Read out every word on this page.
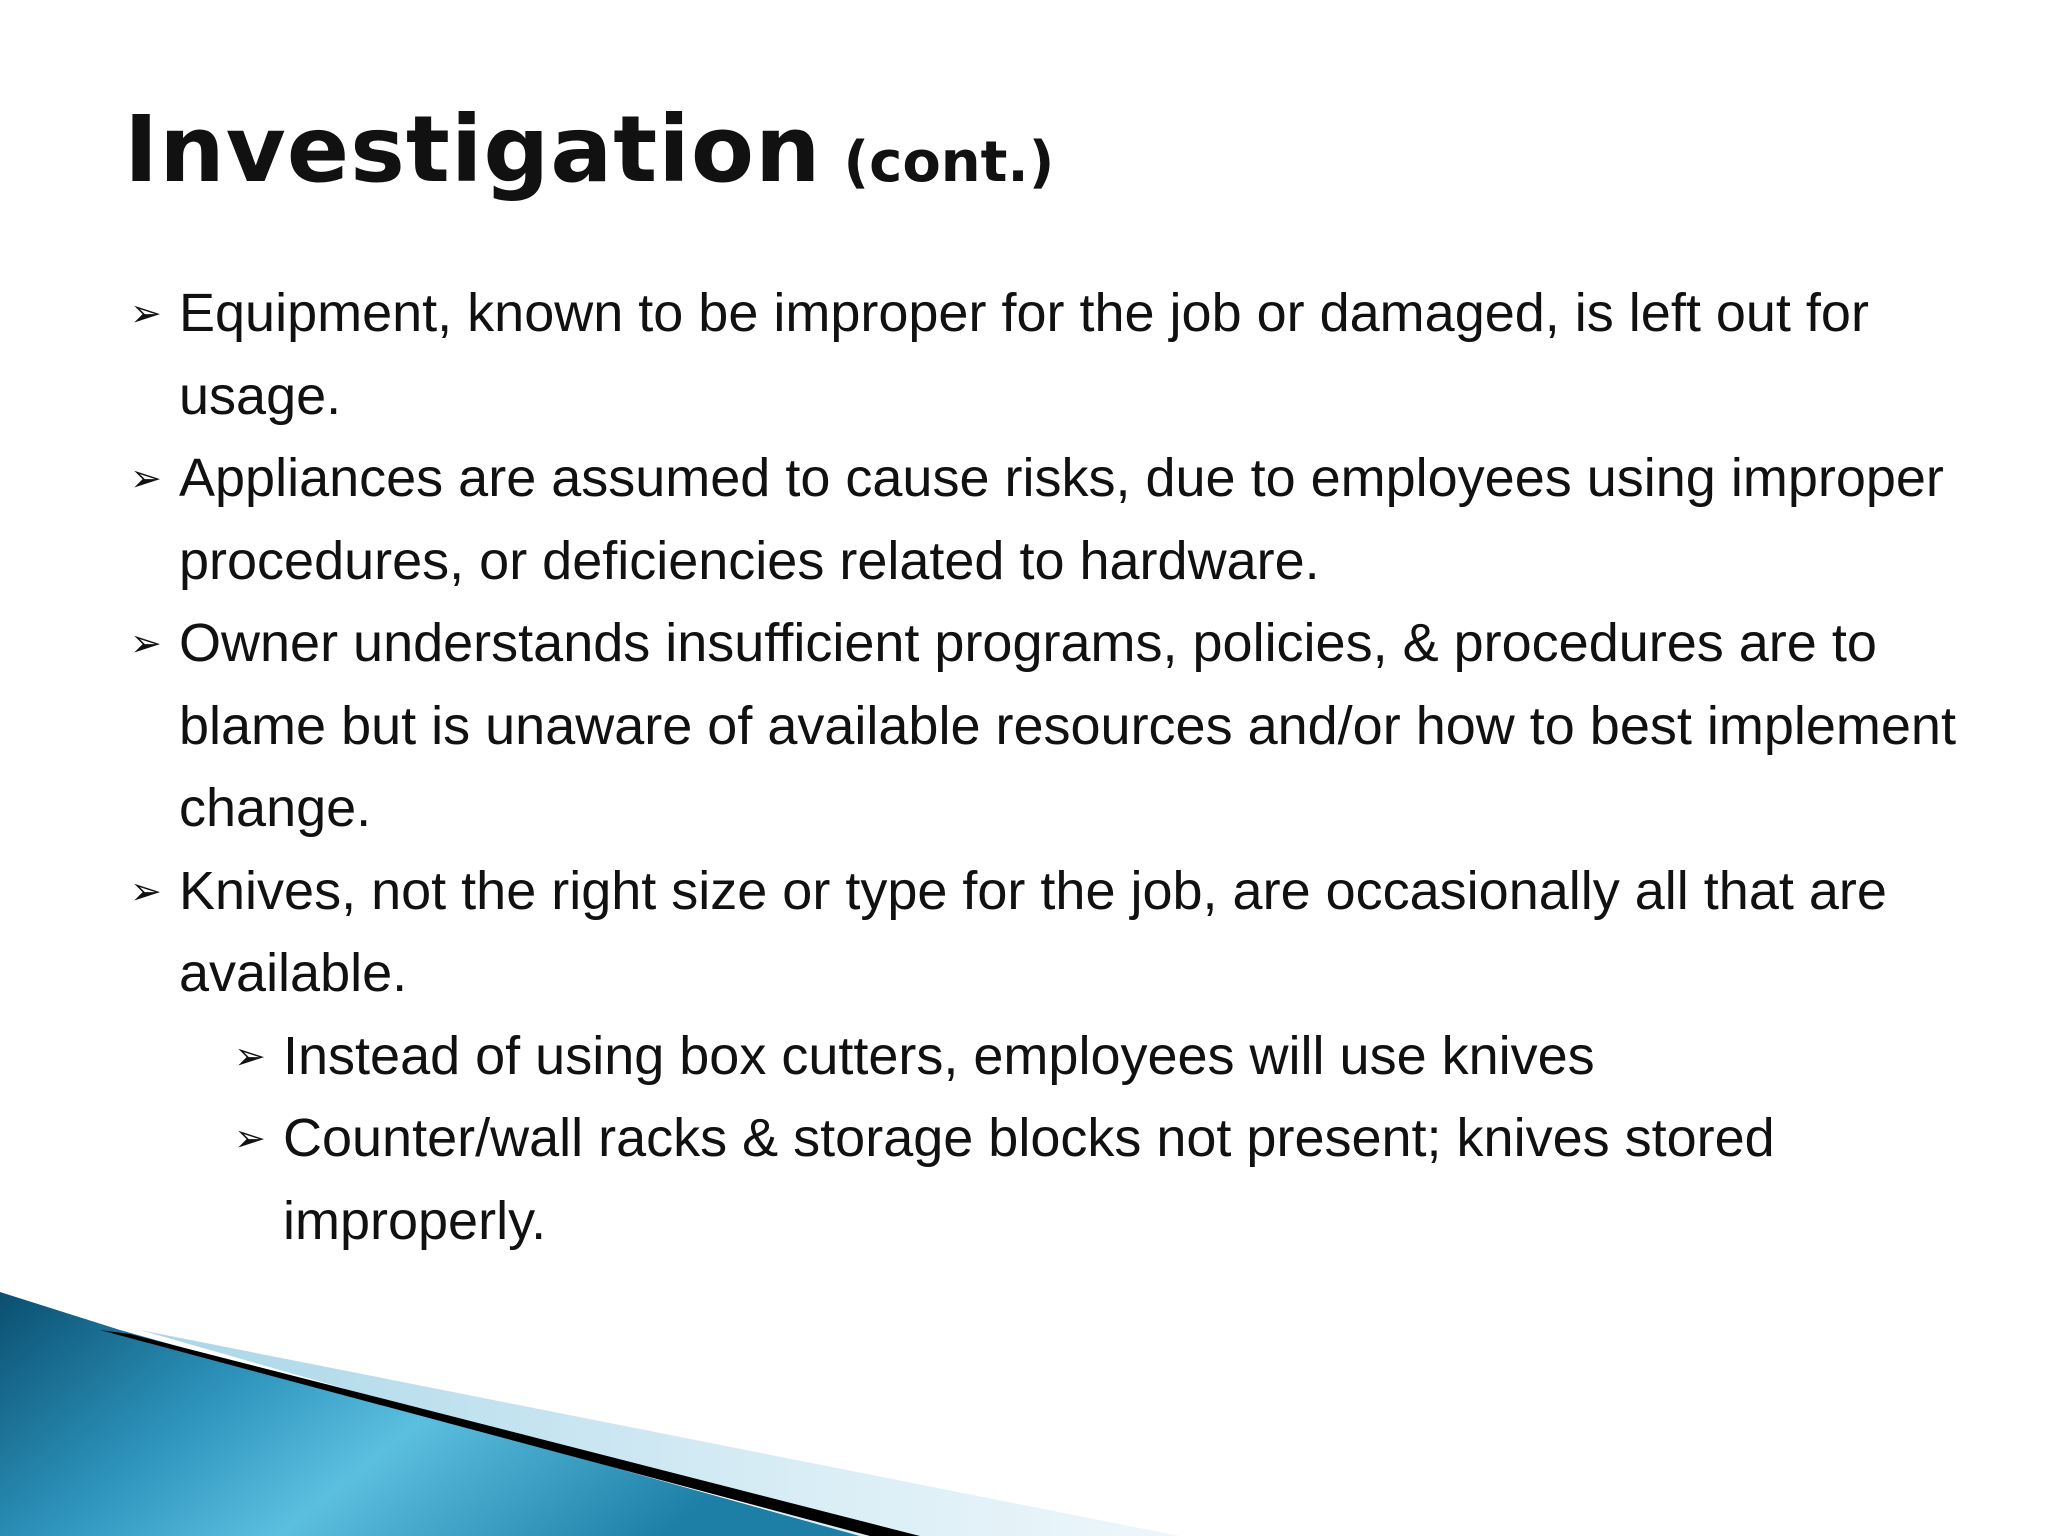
Investigation (cont.)
➢ Equipment, known to be improper for the job or damaged, is left out for usage.
➢ Appliances are assumed to cause risks, due to employees using improper procedures, or deficiencies related to hardware.
➢ Owner understands insufficient programs, policies, & procedures are to blame but is unaware of available resources and/or how to best implement change.
➢ Knives, not the right size or type for the job, are occasionally all that are available.
➢ Instead of using box cutters, employees will use knives
➢ Counter/wall racks & storage blocks not present; knives stored improperly.
